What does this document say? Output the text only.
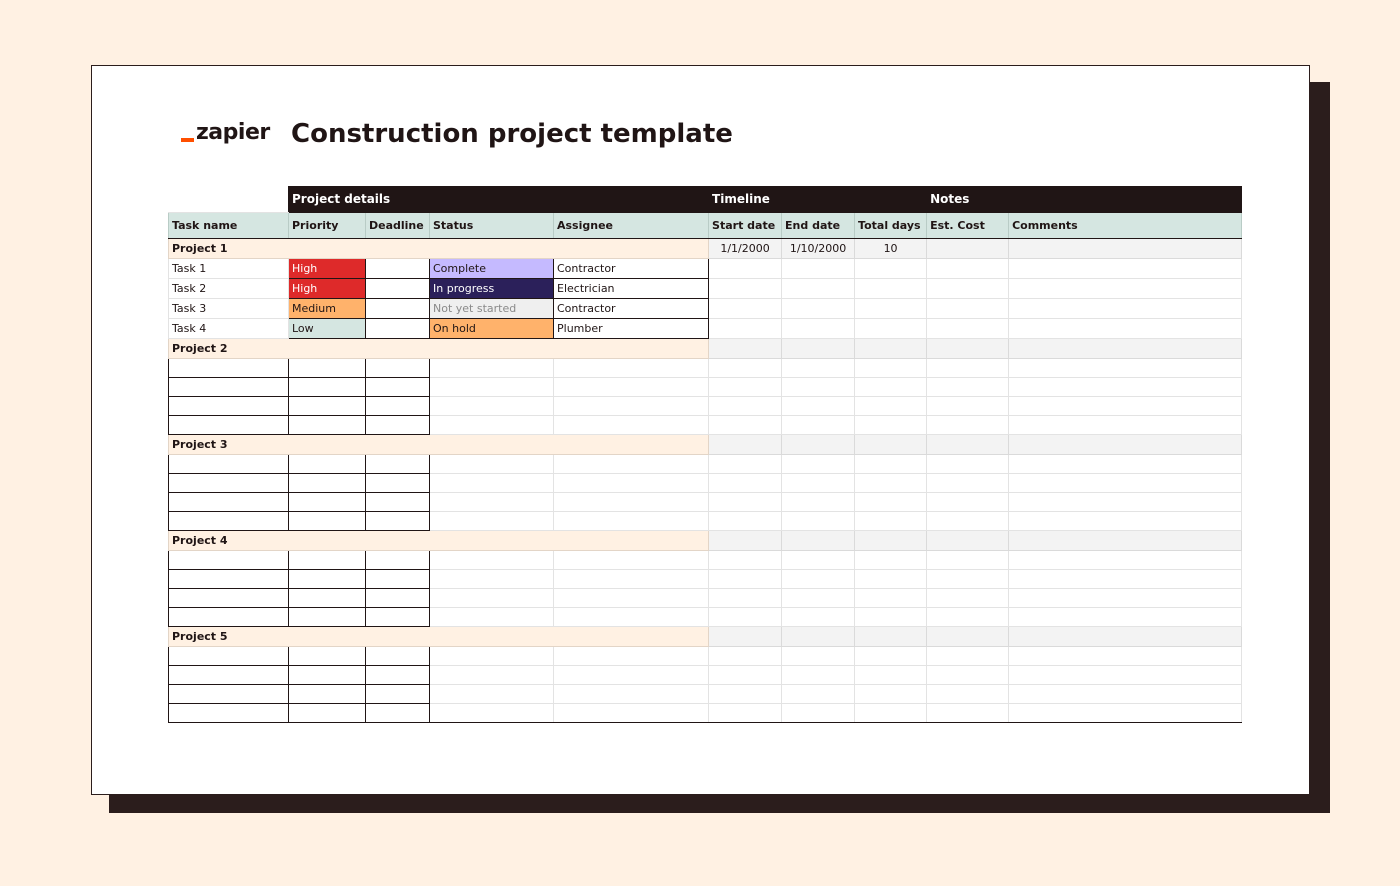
zapier Construction project template
	Project details				Timeline			Notes	
Task name	Priority	Deadline	Status	Assignee	Start date	End date	Total days	Est. Cost	Comments
Project 1					1/1/2000	1/10/2000	10		
Task 1	High		Complete	Contractor					
Task 2	High		In progress	Electrician					
Task 3	Medium		Not yet started	Contractor					
Task 4	Low		On hold	Plumber					
Project 2									

Project 3									

Project 4									

Project 5									
